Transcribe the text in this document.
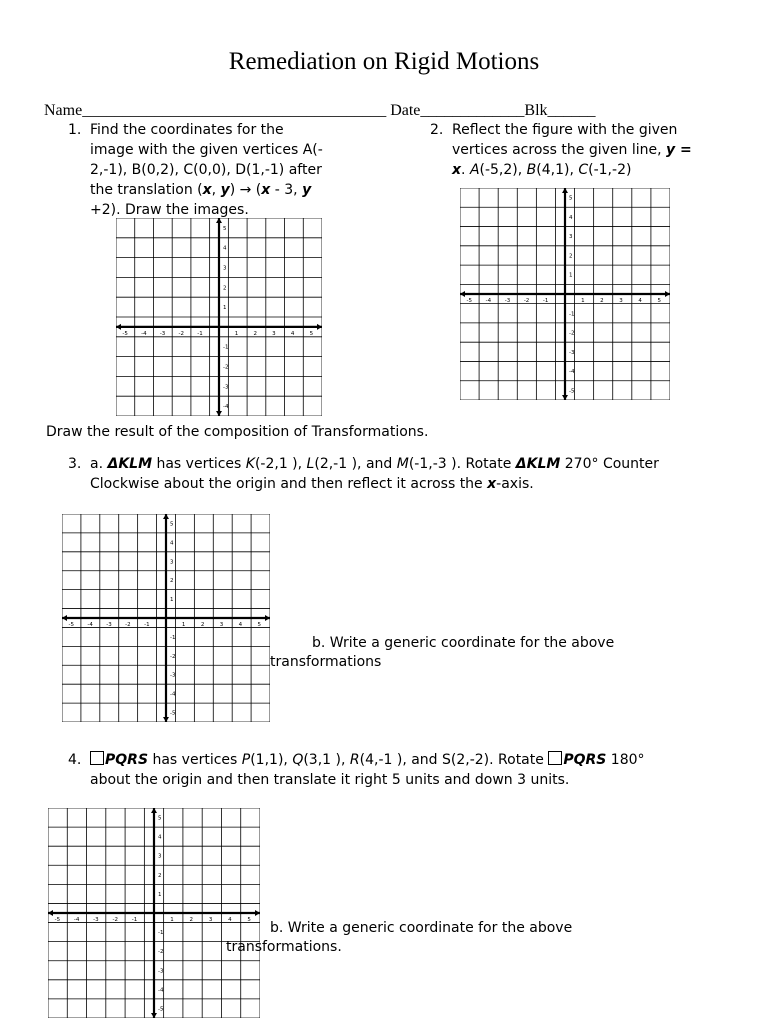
Remediation on Rigid Motions
Name______________________________________ Date_____________Blk______
1. Find the coordinates for the
image with the given vertices A(-
2,-1), B(0,2), C(0,0), D(1,-1) after
the translation (x, y) → (x - 3, y
+2). Draw the images.
2. Reflect the figure with the given
vertices across the given line, y =
x. A(-5,2), B(4,1), C(-1,-2)
-5 -4 -3 -2 -1	1	2	3	4	5
5
4
3
2
1
-1
-2
-3
-4
-5 -4 -3 -2 -1	1	2	3	4	5
5
4
3
2
1
-1
-2
-3
-4
-5
Draw the result of the composition of Transformations.
3. a. ΔKLM has vertices K(-2,1 ), L(2,-1 ), and M(-1,-3 ). Rotate ΔKLM 270° Counter
Clockwise about the origin and then reflect it across the x-axis.
-5 -4 -3 -2 -1	1	2	3	4	5
5
4
3
2
1
-1
-2
-3
-4
-5
b. Write a generic coordinate for the above
transformations
4.	PQRS has vertices P(1,1), Q(3,1 ), R(4,-1 ), and S(2,-2). Rotate PQRS 180°
about the origin and then translate it right 5 units and down 3 units.
-5	-4	-3	-2	-1	1	2	3	4	5
5
4
3
2
1
-1
-2
-3
-4
-5
b. Write a generic coordinate for the above
transformations.
